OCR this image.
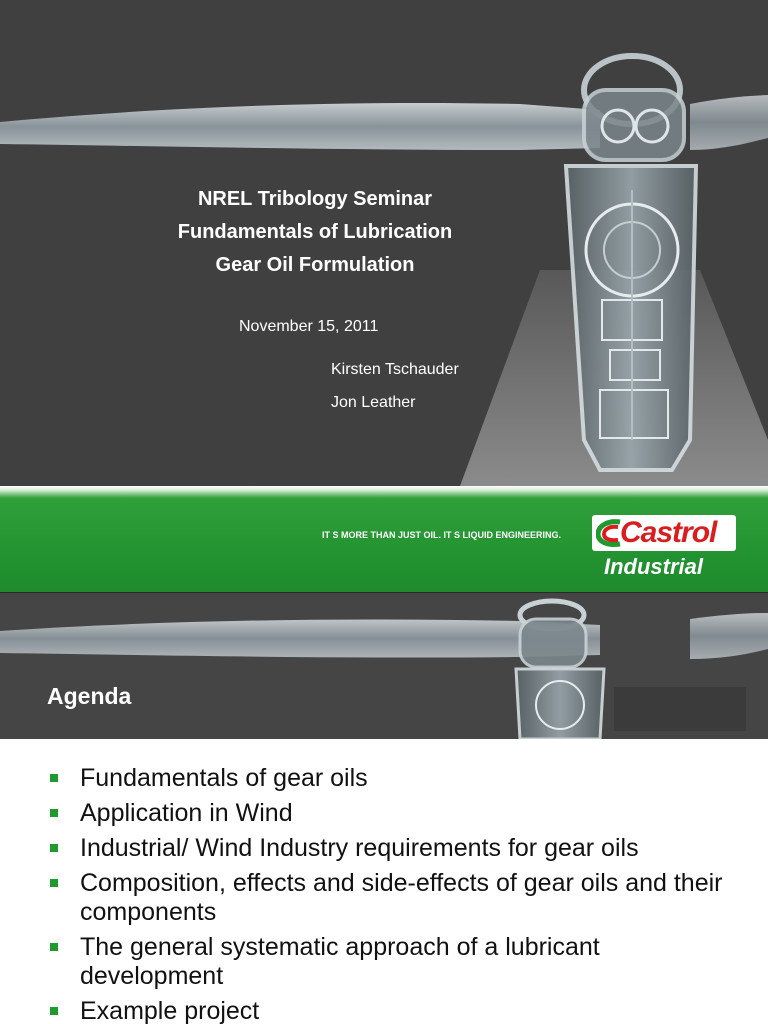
NREL Tribology Seminar
Fundamentals of Lubrication
Gear Oil Formulation
November 15, 2011
Kirsten Tschauder
Jon Leather
IT S MORE THAN JUST OIL. IT S LIQUID ENGINEERING. Castrol
Industrial
Agenda
Fundamentals of gear oils
Application in Wind
Industrial/ Wind Industry requirements for gear oils
Composition, effects and side-effects of gear oils and their components
The general systematic approach of a lubricant development
Example project
